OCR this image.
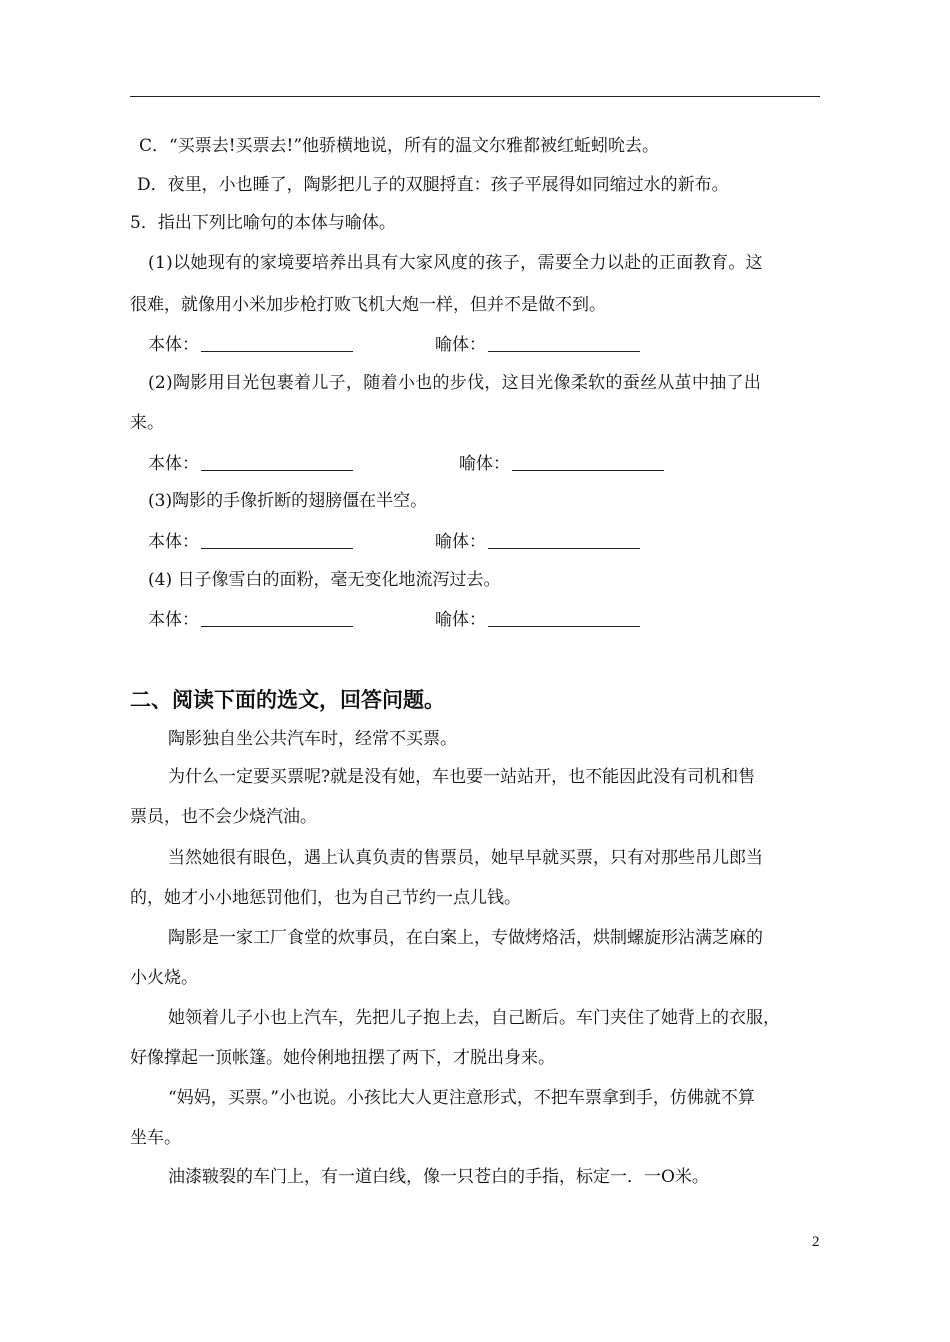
C．“买票去!买票去!”他骄横地说，所有的温文尔雅都被红蚯蚓吮去。
D．夜里，小也睡了，陶影把儿子的双腿捋直：孩子平展得如同缩过水的新布。
5．指出下列比喻句的本体与喻体。
(1)以她现有的家境要培养出具有大家风度的孩子，需要全力以赴的正面教育。这
很难，就像用小米加步枪打败飞机大炮一样，但并不是做不到。
本体：	喻体：
(2)陶影用目光包裹着儿子，随着小也的步伐，这目光像柔软的蚕丝从茧中抽了出
来。
本体：	喻体：
(3)陶影的手像折断的翅膀僵在半空。
本体：	喻体：
(4) 日子像雪白的面粉，毫无变化地流泻过去。
本体：	喻体：
二、阅读下面的选文，回答问题。
陶影独自坐公共汽车时，经常不买票。
为什么一定要买票呢?就是没有她，车也要一站站开，也不能因此没有司机和售
票员，也不会少烧汽油。
当然她很有眼色，遇上认真负责的售票员，她早早就买票，只有对那些吊儿郎当
的，她才小小地惩罚他们，也为自己节约一点儿钱。
陶影是一家工厂食堂的炊事员，在白案上，专做烤烙活，烘制螺旋形沾满芝麻的
小火烧。
她领着儿子小也上汽车，先把儿子抱上去，自己断后。车门夹住了她背上的衣服，
好像撑起一顶帐篷。她伶俐地扭摆了两下，才脱出身来。
“妈妈，买票。”小也说。小孩比大人更注意形式，不把车票拿到手，仿佛就不算
坐车。
油漆皲裂的车门上，有一道白线，像一只苍白的手指，标定一．一O米。
2
